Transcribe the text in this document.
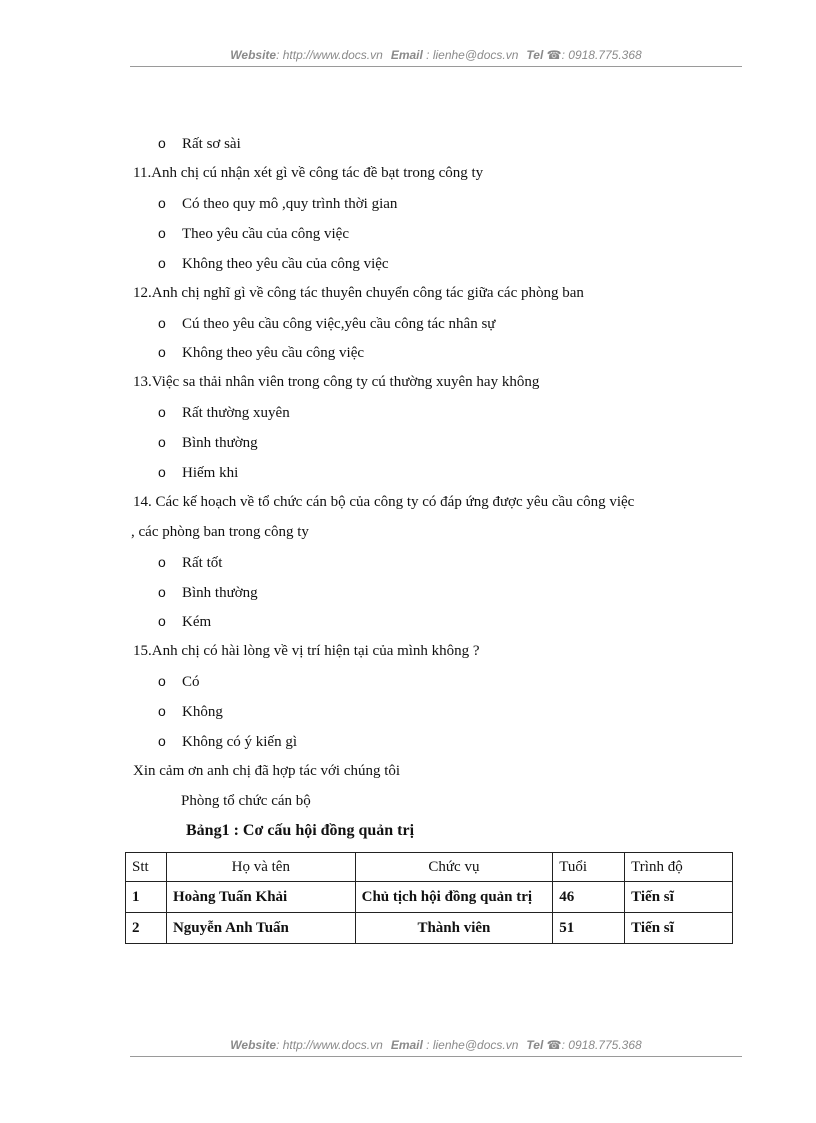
Website: http://www.docs.vn Email : lienhe@docs.vn Tel ☎: 0918.775.368
o Rất sơ sài
11.Anh chị cú nhận xét gì về công tác đề bạt trong công ty
o Có theo quy mô ,quy trình thời gian
o Theo yêu cầu của công việc
o Không theo yêu cầu của công việc
12.Anh chị nghĩ gì về công tác thuyên chuyển công tác giữa các phòng ban
o Cú theo yêu cầu công việc,yêu cầu công tác nhân sự
o Không theo yêu cầu công việc
13.Việc sa thải nhân viên trong công ty cú thường xuyên hay không
o Rất thường xuyên
o Bình thường
o Hiếm khi
14. Các kế hoạch về tổ chức cán bộ của công ty có đáp ứng được yêu cầu công việc
, các phòng ban trong công ty
o Rất tốt
o Bình thường
o Kém
15.Anh chị có hài lòng về vị trí hiện tại của mình không ?
o Có
o Không
o Không có ý kiến gì
Xin cảm ơn anh chị đã hợp tác với chúng tôi
Phòng tổ chức cán bộ
Bảng1 : Cơ cấu hội đồng quản trị
Stt	Họ và tên	Chức vụ	Tuổi	Trình độ
1	Hoàng Tuấn Khải	Chủ tịch hội đồng quản trị	46	Tiến sĩ
2	Nguyễn Anh Tuấn	Thành viên	51	Tiến sĩ
Website: http://www.docs.vn Email : lienhe@docs.vn Tel ☎: 0918.775.368
